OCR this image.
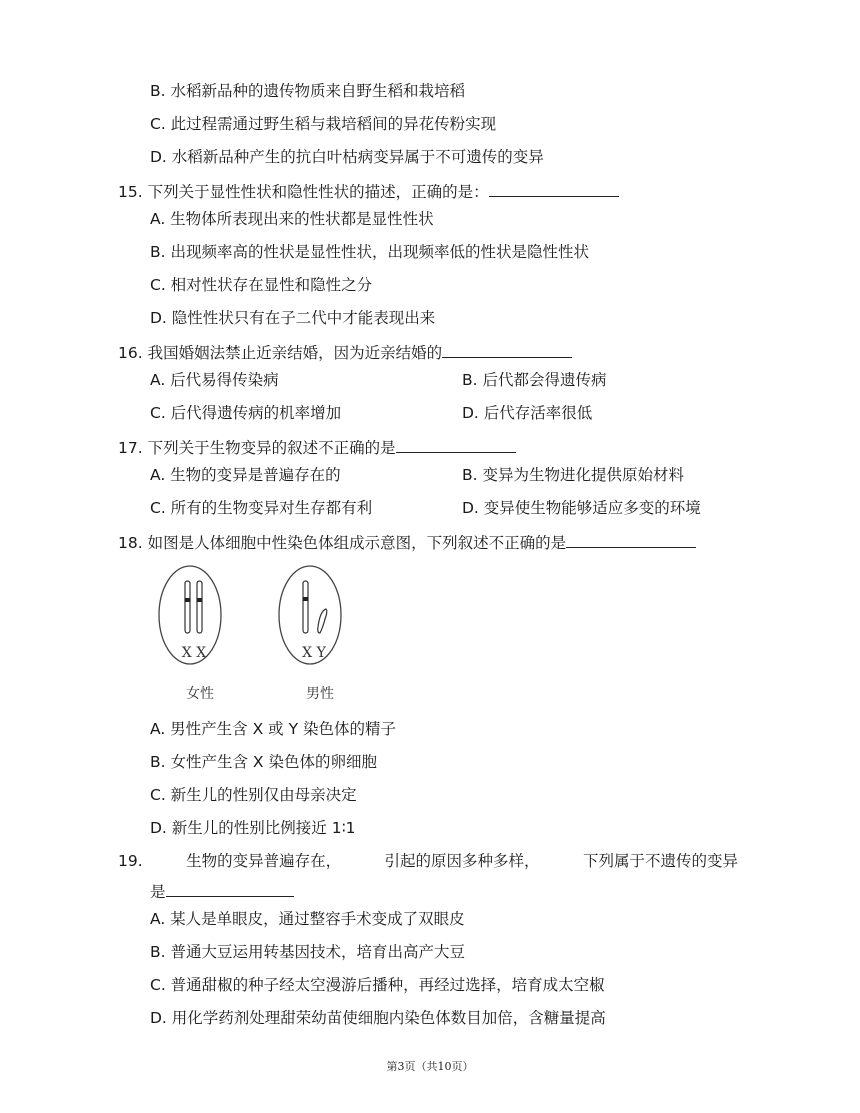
B. 水稻新品种的遗传物质来自野生稻和栽培稻
C. 此过程需通过野生稻与栽培稻间的异花传粉实现
D. 水稻新品种产生的抗白叶枯病变异属于不可遗传的变异
15. 下列关于显性性状和隐性性状的描述，正确的是：
A. 生物体所表现出来的性状都是显性性状
B. 出现频率高的性状是显性性状，出现频率低的性状是隐性性状
C. 相对性状存在显性和隐性之分
D. 隐性性状只有在子二代中才能表现出来
16. 我国婚姻法禁止近亲结婚，因为近亲结婚的
A. 后代易得传染病	B. 后代都会得遗传病
C. 后代得遗传病的机率增加	D. 后代存活率很低
17. 下列关于生物变异的叙述不正确的是
A. 生物的变异是普遍存在的	B. 变异为生物进化提供原始材料
C. 所有的生物变异对生存都有利	D. 变异使生物能够适应多变的环境
18. 如图是人体细胞中性染色体组成示意图，下列叙述不正确的是
X X	X Y
女性	男性
A. 男性产生含 X 或 Y 染色体的精子
B. 女性产生含 X 染色体的卵细胞
C. 新生儿的性别仅由母亲决定
D. 新生儿的性别比例接近 1∶1
19.	生物的变异普遍存在，	引起的原因多种多样，	下列属于不遗传的变异
是
A. 某人是单眼皮，通过整容手术变成了双眼皮
B. 普通大豆运用转基因技术，培育出高产大豆
C. 普通甜椒的种子经太空漫游后播种，再经过选择，培育成太空椒
D. 用化学药剂处理甜荣幼苗使细胞内染色体数目加倍，含糖量提高
第3页（共10页）
